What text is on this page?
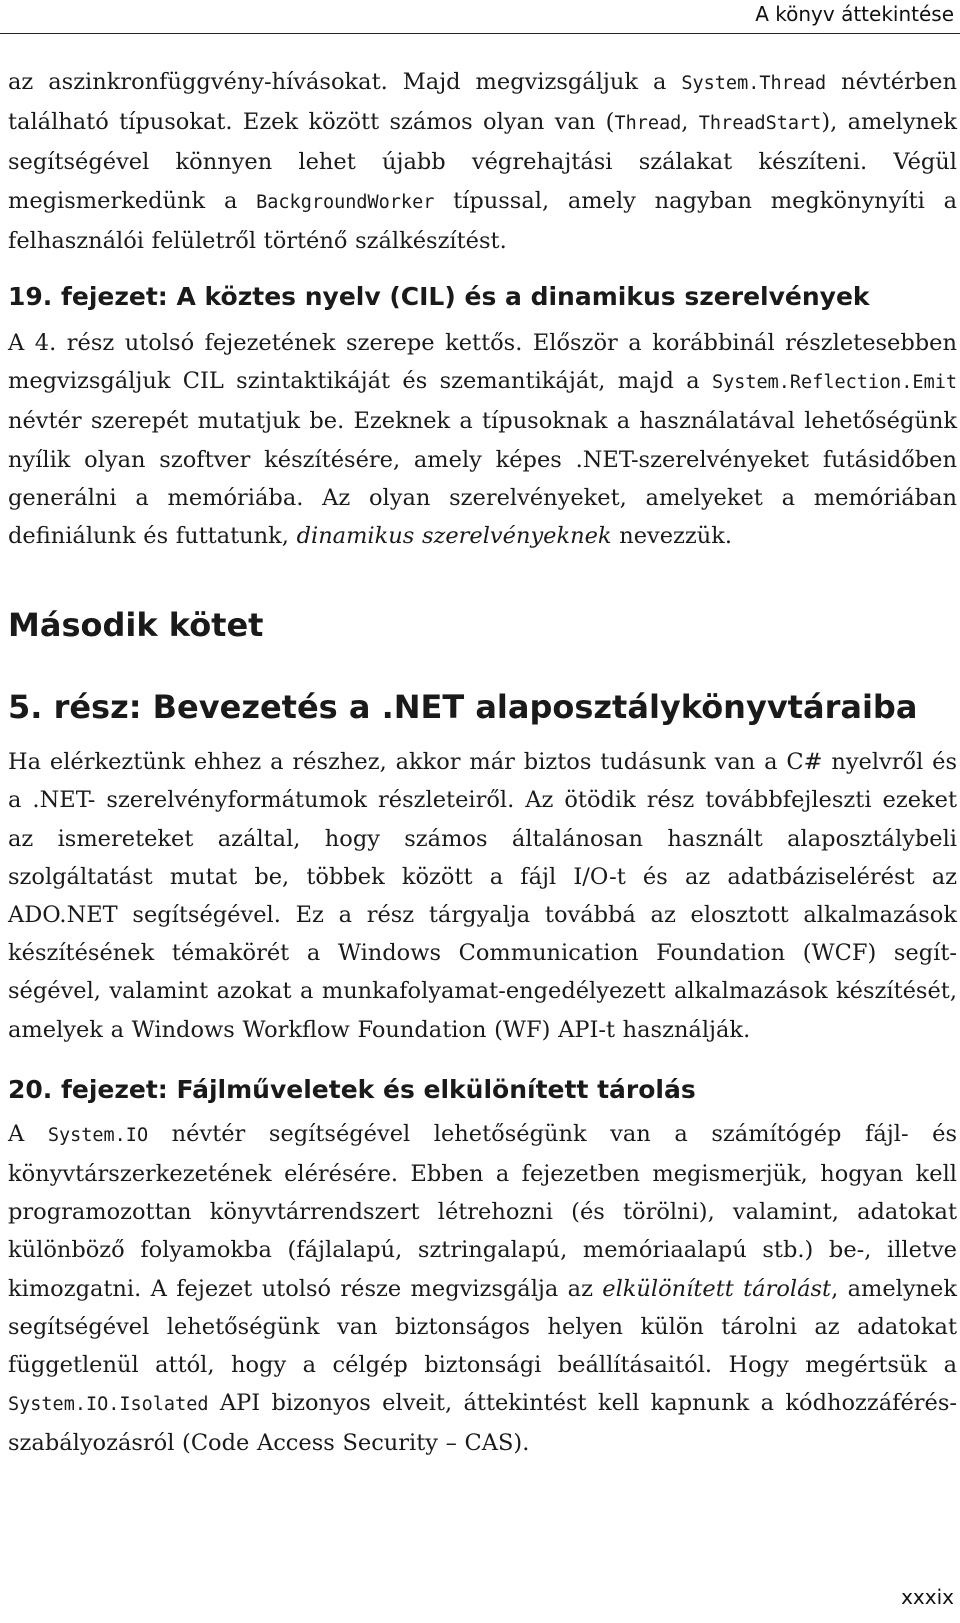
A könyv áttekintése

az aszinkronfüggvény-hívásokat. Majd megvizsgáljuk a System.Thread névtérben található típusokat. Ezek között számos olyan van (Thread, ThreadStart), amelynek segítségével könnyen lehet újabb végrehajtási szálakat készíteni. Végül megismerkedünk a BackgroundWorker típussal, amely nagyban megkönynyíti a felhasználói felületről történő szálkészítést.

19. fejezet: A köztes nyelv (CIL) és a dinamikus szerelvények

A 4. rész utolsó fejezetének szerepe kettős. Először a korábbinál részletesebben megvizsgáljuk CIL szintaktikáját és szemantikáját, majd a System.Reflection.Emit névtér szerepét mutatjuk be. Ezeknek a típusoknak a használatával lehetőségünk nyílik olyan szoftver készítésére, amely képes .NET-szerelvényeket futásidőben generálni a memóriába. Az olyan szerelvényeket, amelyeket a memóriában definiálunk és futtatunk, dinamikus szerelvényeknek nevezzük.

Második kötet
5. rész: Bevezetés a .NET alaposztálykönyvtáraiba

Ha elérkeztünk ehhez a részhez, akkor már biztos tudásunk van a C# nyelvről és a .NET- szerelvényformátumok részleteiről. Az ötödik rész továbbfejleszti ezeket az ismereteket azáltal, hogy számos általánosan használt alaposztálybeli szolgáltatást mutat be, többek között a fájl I/O-t és az adatbáziselérést az ADO.NET segítségével. Ez a rész tárgyalja továbbá az elosztott alkalmazások készítésének témakörét a Windows Communication Foundation (WCF) segítségével, valamint azokat a munkafolyamat-engedélyezett alkalmazások készítését, amelyek a Windows Workflow Foundation (WF) API-t használják.

20. fejezet: Fájlműveletek és elkülönített tárolás

A System.IO névtér segítségével lehetőségünk van a számítógép fájl- és könyvtárszerkezetének elérésére. Ebben a fejezetben megismerjük, hogyan kell programozottan könyvtárrendszert létrehozni (és törölni), valamint, adatokat különböző folyamokba (fájlalapú, sztringalapú, memóriaalapú stb.) be-, illetve kimozgatni. A fejezet utolsó része megvizsgálja az elkülönített tárolást, amelynek segítségével lehetőségünk van biztonságos helyen külön tárolni az adatokat függetlenül attól, hogy a célgép biztonsági beállításaitól. Hogy megértsük a System.IO.Isolated API bizonyos elveit, áttekintést kell kapnunk a kódhozzáférés-szabályozásról (Code Access Security – CAS).

xxxix
